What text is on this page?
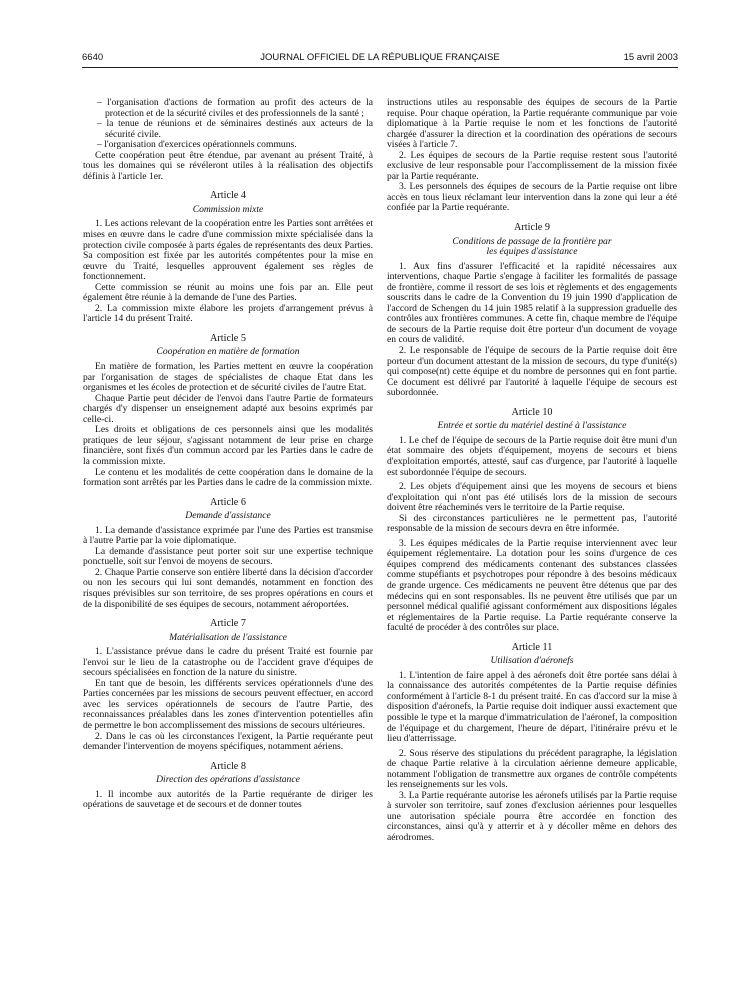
6640	JOURNAL OFFICIEL DE LA RÉPUBLIQUE FRANÇAISE	15 avril 2003

– l'organisation d'actions de formation au profit des acteurs de la protection et de la sécurité civiles et des professionnels de la santé ;

– la tenue de réunions et de séminaires destinés aux acteurs de la sécurité civile.

– l'organisation d'exercices opérationnels communs.

Cette coopération peut être étendue, par avenant au présent Traité, à tous les domaines qui se révéleront utiles à la réalisation des objectifs définis à l'article 1er.

Article 4
Commission mixte

1. Les actions relevant de la coopération entre les Parties sont arrêtées et mises en œuvre dans le cadre d'une commission mixte spécialisée dans la protection civile composée à parts égales de représentants des deux Parties. Sa composition est fixée par les autorités compétentes pour la mise en œuvre du Traité, lesquelles approuvent également ses règles de fonctionnement.

Cette commission se réunit au moins une fois par an. Elle peut également être réunie à la demande de l'une des Parties.

2. La commission mixte élabore les projets d'arrangement prévus à l'article 14 du présent Traité.

Article 5
Coopération en matière de formation

En matière de formation, les Parties mettent en œuvre la coopération par l'organisation de stages de spécialistes de chaque Etat dans les organismes et les écoles de protection et de sécurité civiles de l'autre Etat.

Chaque Partie peut décider de l'envoi dans l'autre Partie de formateurs chargés d'y dispenser un enseignement adapté aux besoins exprimés par celle-ci.

Les droits et obligations de ces personnels ainsi que les modalités pratiques de leur séjour, s'agissant notamment de leur prise en charge financière, sont fixés d'un commun accord par les Parties dans le cadre de la commission mixte.

Le contenu et les modalités de cette coopération dans le domaine de la formation sont arrêtés par les Parties dans le cadre de la commission mixte.

Article 6
Demande d'assistance

1. La demande d'assistance exprimée par l'une des Parties est transmise à l'autre Partie par la voie diplomatique.

La demande d'assistance peut porter soit sur une expertise technique ponctuelle, soit sur l'envoi de moyens de secours.

2. Chaque Partie conserve son entière liberté dans la décision d'accorder ou non les secours qui lui sont demandés, notamment en fonction des risques prévisibles sur son territoire, de ses propres opérations en cours et de la disponibilité de ses équipes de secours, notamment aéroportées.

Article 7
Matérialisation de l'assistance

1. L'assistance prévue dans le cadre du présent Traité est fournie par l'envoi sur le lieu de la catastrophe ou de l'accident grave d'équipes de secours spécialisées en fonction de la nature du sinistre.

En tant que de besoin, les différents services opérationnels d'une des Parties concernées par les missions de secours peuvent effectuer, en accord avec les services opérationnels de secours de l'autre Partie, des reconnaissances préalables dans les zones d'intervention potentielles afin de permettre le bon accomplissement des missions de secours ultérieures.

2. Dans le cas où les circonstances l'exigent, la Partie requérante peut demander l'intervention de moyens spécifiques, notamment aériens.

Article 8
Direction des opérations d'assistance

1. Il incombe aux autorités de la Partie requérante de diriger les opérations de sauvetage et de secours et de donner toutes

instructions utiles au responsable des équipes de secours de la Partie requise. Pour chaque opération, la Partie requérante communique par voie diplomatique à la Partie requise le nom et les fonctions de l'autorité chargée d'assurer la direction et la coordination des opérations de secours visées à l'article 7.

2. Les équipes de secours de la Partie requise restent sous l'autorité exclusive de leur responsable pour l'accomplissement de la mission fixée par la Partie requérante.

3. Les personnels des équipes de secours de la Partie requise ont libre accès en tous lieux réclamant leur intervention dans la zone qui leur a été confiée par la Partie requérante.

Article 9
Conditions de passage de la frontière par les équipes d'assistance

1. Aux fins d'assurer l'efficacité et la rapidité nécessaires aux interventions, chaque Partie s'engage à faciliter les formalités de passage de frontière, comme il ressort de ses lois et règlements et des engagements souscrits dans le cadre de la Convention du 19 juin 1990 d'application de l'accord de Schengen du 14 juin 1985 relatif à la suppression graduelle des contrôles aux frontières communes. A cette fin, chaque membre de l'équipe de secours de la Partie requise doit être porteur d'un document de voyage en cours de validité.

2. Le responsable de l'équipe de secours de la Partie requise doit être porteur d'un document attestant de la mission de secours, du type d'unité(s) qui compose(nt) cette équipe et du nombre de personnes qui en font partie. Ce document est délivré par l'autorité à laquelle l'équipe de secours est subordonnée.

Article 10
Entrée et sortie du matériel destiné à l'assistance

1. Le chef de l'équipe de secours de la Partie requise doit être muni d'un état sommaire des objets d'équipement, moyens de secours et biens d'exploitation emportés, attesté, sauf cas d'urgence, par l'autorité à laquelle est subordonnée l'équipe de secours.

2. Les objets d'équipement ainsi que les moyens de secours et biens d'exploitation qui n'ont pas été utilisés lors de la mission de secours doivent être réacheminés vers le territoire de la Partie requise.

Si des circonstances particulières ne le permettent pas, l'autorité responsable de la mission de secours devra en être informée.

3. Les équipes médicales de la Partie requise interviennent avec leur équipement réglementaire. La dotation pour les soins d'urgence de ces équipes comprend des médicaments contenant des substances classées comme stupéfiants et psychotropes pour répondre à des besoins médicaux de grande urgence. Ces médicaments ne peuvent être détenus que par des médecins qui en sont responsables. Ils ne peuvent être utilisés que par un personnel médical qualifié agissant conformément aux dispositions légales et réglementaires de la Partie requise. La Partie requérante conserve la faculté de procéder à des contrôles sur place.

Article 11
Utilisation d'aéronefs

1. L'intention de faire appel à des aéronefs doit être portée sans délai à la connaissance des autorités compétentes de la Partie requise définies conformément à l'article 8-1 du présent traité. En cas d'accord sur la mise à disposition d'aéronefs, la Partie requise doit indiquer aussi exactement que possible le type et la marque d'immatriculation de l'aéronef, la composition de l'équipage et du chargement, l'heure de départ, l'itinéraire prévu et le lieu d'atterrissage.

2. Sous réserve des stipulations du précédent paragraphe, la législation de chaque Partie relative à la circulation aérienne demeure applicable, notamment l'obligation de transmettre aux organes de contrôle compétents les renseignements sur les vols.

3. La Partie requérante autorise les aéronefs utilisés par la Partie requise à survoler son territoire, sauf zones d'exclusion aériennes pour lesquelles une autorisation spéciale pourra être accordée en fonction des circonstances, ainsi qu'à y atterrir et à y décoller même en dehors des aérodromes.
